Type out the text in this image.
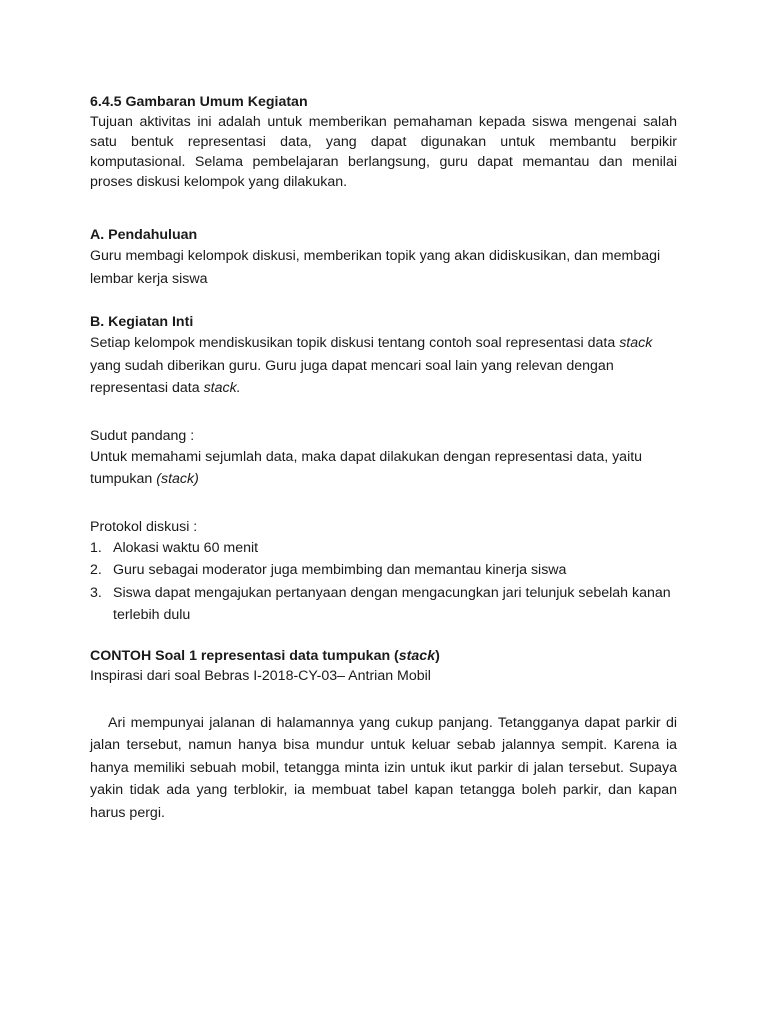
6.4.5 Gambaran Umum Kegiatan

Tujuan aktivitas ini adalah untuk memberikan pemahaman kepada siswa mengenai salah satu bentuk representasi data, yang dapat digunakan untuk membantu berpikir komputasional. Selama pembelajaran berlangsung, guru dapat memantau dan menilai proses diskusi kelompok yang dilakukan.

A. Pendahuluan

Guru membagi kelompok diskusi, memberikan topik yang akan didiskusikan, dan membagi lembar kerja siswa

B. Kegiatan Inti

Setiap kelompok mendiskusikan topik diskusi tentang contoh soal representasi data stack yang sudah diberikan guru. Guru juga dapat mencari soal lain yang relevan dengan representasi data stack.

Sudut pandang :

Untuk memahami sejumlah data, maka dapat dilakukan dengan representasi data, yaitu tumpukan (stack)

Protokol diskusi :

1. Alokasi waktu 60 menit
2. Guru sebagai moderator juga membimbing dan memantau kinerja siswa
3. Siswa dapat mengajukan pertanyaan dengan mengacungkan jari telunjuk sebelah kanan terlebih dulu

CONTOH Soal 1 representasi data tumpukan (stack)

Inspirasi dari soal Bebras I-2018-CY-03– Antrian Mobil

Ari mempunyai jalanan di halamannya yang cukup panjang. Tetangganya dapat parkir di jalan tersebut, namun hanya bisa mundur untuk keluar sebab jalannya sempit. Karena ia hanya memiliki sebuah mobil, tetangga minta izin untuk ikut parkir di jalan tersebut. Supaya yakin tidak ada yang terblokir, ia membuat tabel kapan tetangga boleh parkir, dan kapan harus pergi.
